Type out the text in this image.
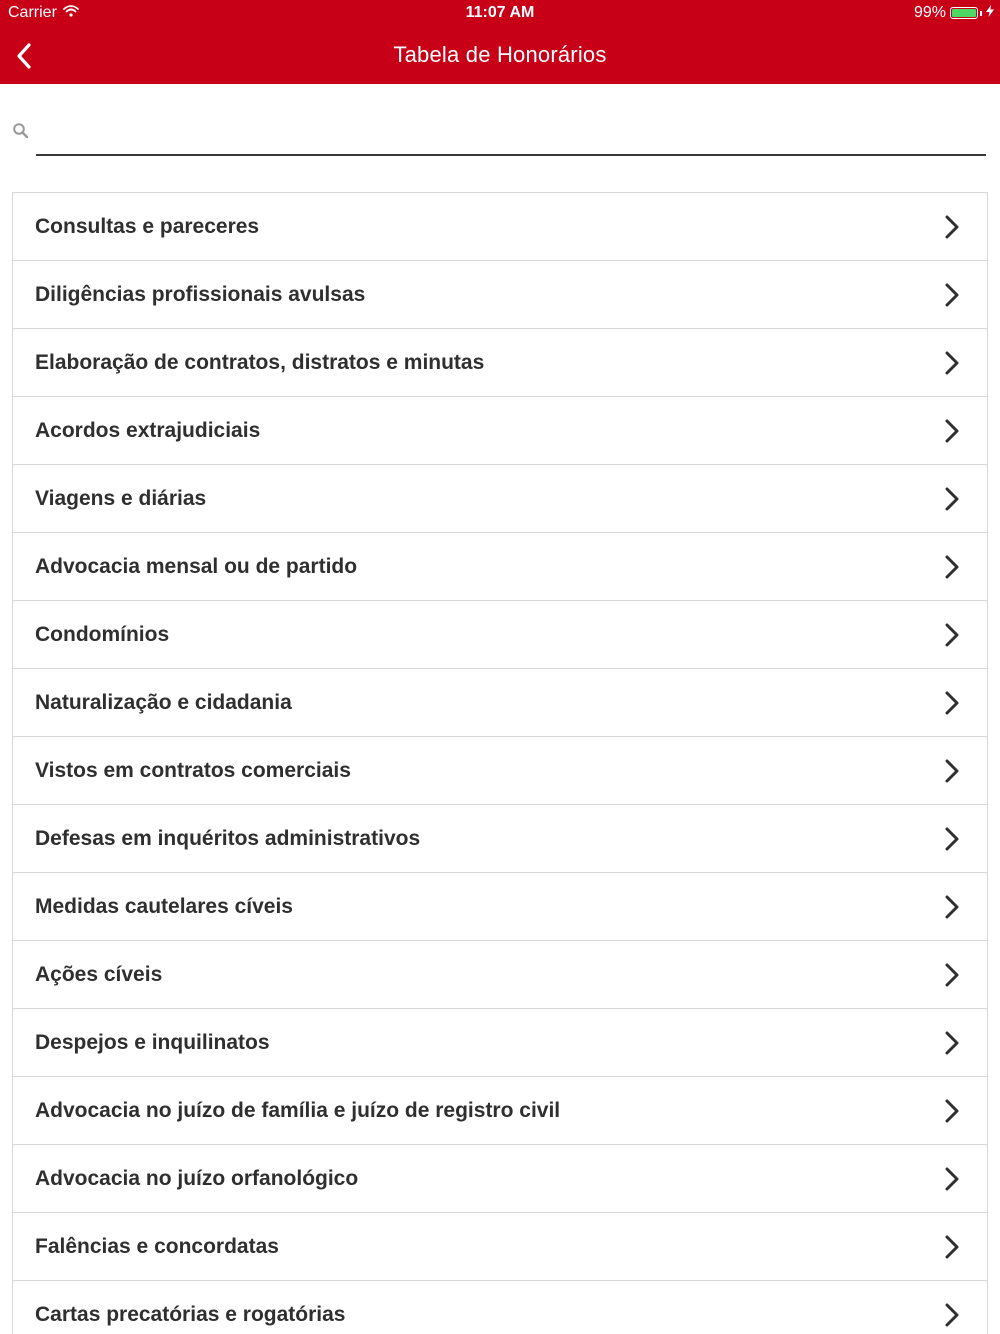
Carrier	11:07 AM	99%
Tabela de Honorários
Consultas e pareceres
Diligências profissionais avulsas
Elaboração de contratos, distratos e minutas
Acordos extrajudiciais
Viagens e diárias
Advocacia mensal ou de partido
Condomínios
Naturalização e cidadania
Vistos em contratos comerciais
Defesas em inquéritos administrativos
Medidas cautelares cíveis
Ações cíveis
Despejos e inquilinatos
Advocacia no juízo de família e juízo de registro civil
Advocacia no juízo orfanológico
Falências e concordatas
Cartas precatórias e rogatórias
